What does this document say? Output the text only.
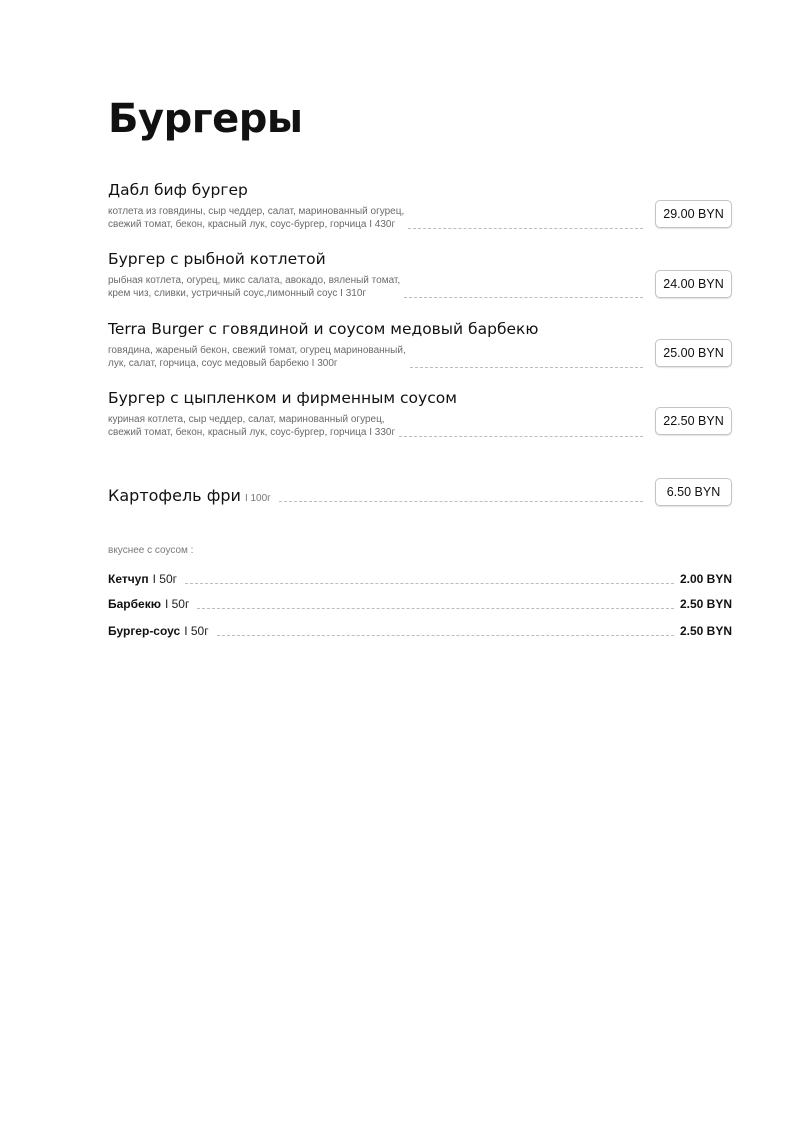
Бургеры
Дабл биф бургер
котлета из говядины, сыр чеддер, салат, маринованный огурец,
свежий томат, бекон, красный лук, соус-бургер, горчица I 430г
29.00 BYN
Бургер с рыбной котлетой
рыбная котлета, огурец, микс салата, авокадо, вяленый томат,
крем чиз, сливки, устричный соус,лимонный соус I 310г
24.00 BYN
Terra Burger с говядиной и соусом медовый барбекю
говядина, жареный бекон, свежий томат, огурец маринованный,
лук, салат, горчица, соус медовый барбекю I 300г
25.00 BYN
Бургер с цыпленком и фирменным соусом
куриная котлета, сыр чеддер, салат, маринованный огурец,
свежий томат, бекон, красный лук, соус-бургер, горчица I 330г
22.50 BYN
Картофель фри I 100г	6.50 BYN
вкуснее с соусом :
Кетчуп I 50г	2.00 BYN
Барбекю I 50г	2.50 BYN
Бургер-соус I 50г	2.50 BYN
